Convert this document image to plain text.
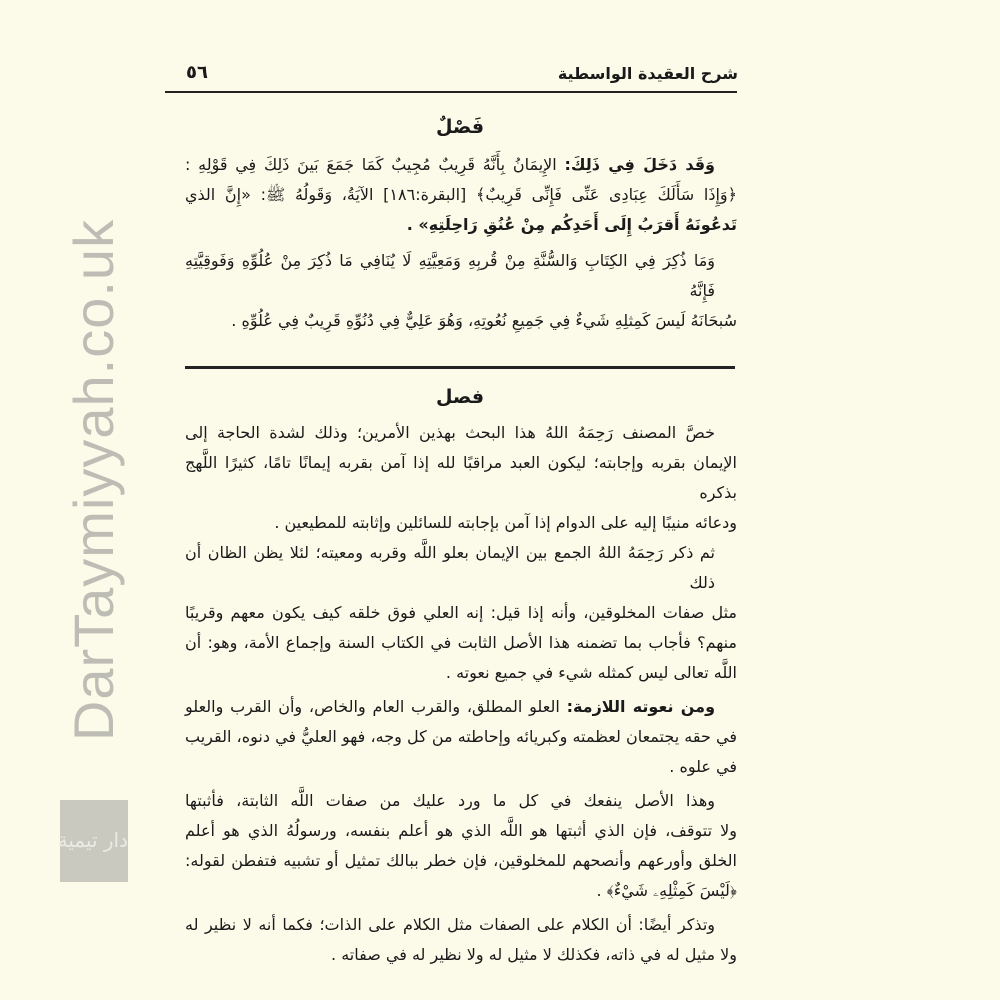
شرح العقيدة الواسطية
٥٦
فَصْلٌ
وَقَد دَخَلَ فِي ذَلِكَ: الإِيمَانُ بِأَنَّهُ قَرِيبٌ مُجِيبٌ كَمَا جَمَعَ بَينَ ذَلِكَ فِي قَوْلِهِ :
﴿وَإِذَا سَأَلَكَ عِبَادِى عَنِّى فَإِنِّى قَرِيبٌ﴾ [البقرة:١٨٦] الآيَةُ، وَقَولُهُ ﷺ: «إِنَّ الذي
تَدعُونَهُ أَقرَبُ إِلَى أَحَدِكُم مِنْ عُنُقِ رَاحِلَتِهِ» .
وَمَا ذُكِرَ فِي الكِتَابِ وَالسُّنَّةِ مِنْ قُربِهِ وَمَعِيَّتِهِ لَا يُنَافِي مَا ذُكِرَ مِنْ عُلُوِّهِ وَفَوقِيَّتِهِ فَإِنَّهُ
سُبحَانَهُ لَيسَ كَمِثلِهِ شَيءٌ فِي جَمِيعِ نُعُوتِهِ، وَهُوَ عَلِيٌّ فِي دُنُوِّهِ قَرِيبٌ فِي عُلُوِّهِ .
فصل
خصَّ المصنف رَحِمَهُ اللهُ هذا البحث بهذين الأمرين؛ وذلك لشدة الحاجة إلى
الإيمان بقربه وإجابته؛ ليكون العبد مراقبًا لله إذا آمن بقربه إيمانًا تامًا، كثيرًا اللَّهج بذكره
ودعائه منيبًا إليه على الدوام إذا آمن بإجابته للسائلين وإثابته للمطيعين .
ثم ذكر رَحِمَهُ اللهُ الجمع بين الإيمان بعلو اللَّه وقربه ومعيته؛ لئلا يظن الظان أن ذلك
مثل صفات المخلوقين، وأنه إذا قيل: إنه العلي فوق خلقه كيف يكون معهم وقريبًا
منهم؟ فأجاب بما تضمنه هذا الأصل الثابت في الكتاب السنة وإجماع الأمة، وهو: أن
اللَّه تعالى ليس كمثله شيء في جميع نعوته .
ومن نعوته اللازمة: العلو المطلق، والقرب العام والخاص، وأن القرب والعلو
في حقه يجتمعان لعظمته وكبريائه وإحاطته من كل وجه، فهو العليُّ في دنوه، القريب
في علوه .
وهذا الأصل ينفعك في كل ما ورد عليك من صفات اللَّه الثابتة، فأثبتها
ولا تتوقف، فإن الذي أثبتها هو اللَّه الذي هو أعلم بنفسه، ورسولُهُ الذي هو أعلم
الخلق وأورعهم وأنصحهم للمخلوقين، فإن خطر ببالك تمثيل أو تشبيه فتفطن لقوله:
﴿لَيْسَ كَمِثْلِهِۦ شَيْءٌ﴾ .
وتذكر أيضًا: أن الكلام على الصفات مثل الكلام على الذات؛ فكما أنه لا نظير له
ولا مثيل له في ذاته، فكذلك لا مثيل له ولا نظير له في صفاته .
دار تيمية
DarTaymiyyah.co.uk
